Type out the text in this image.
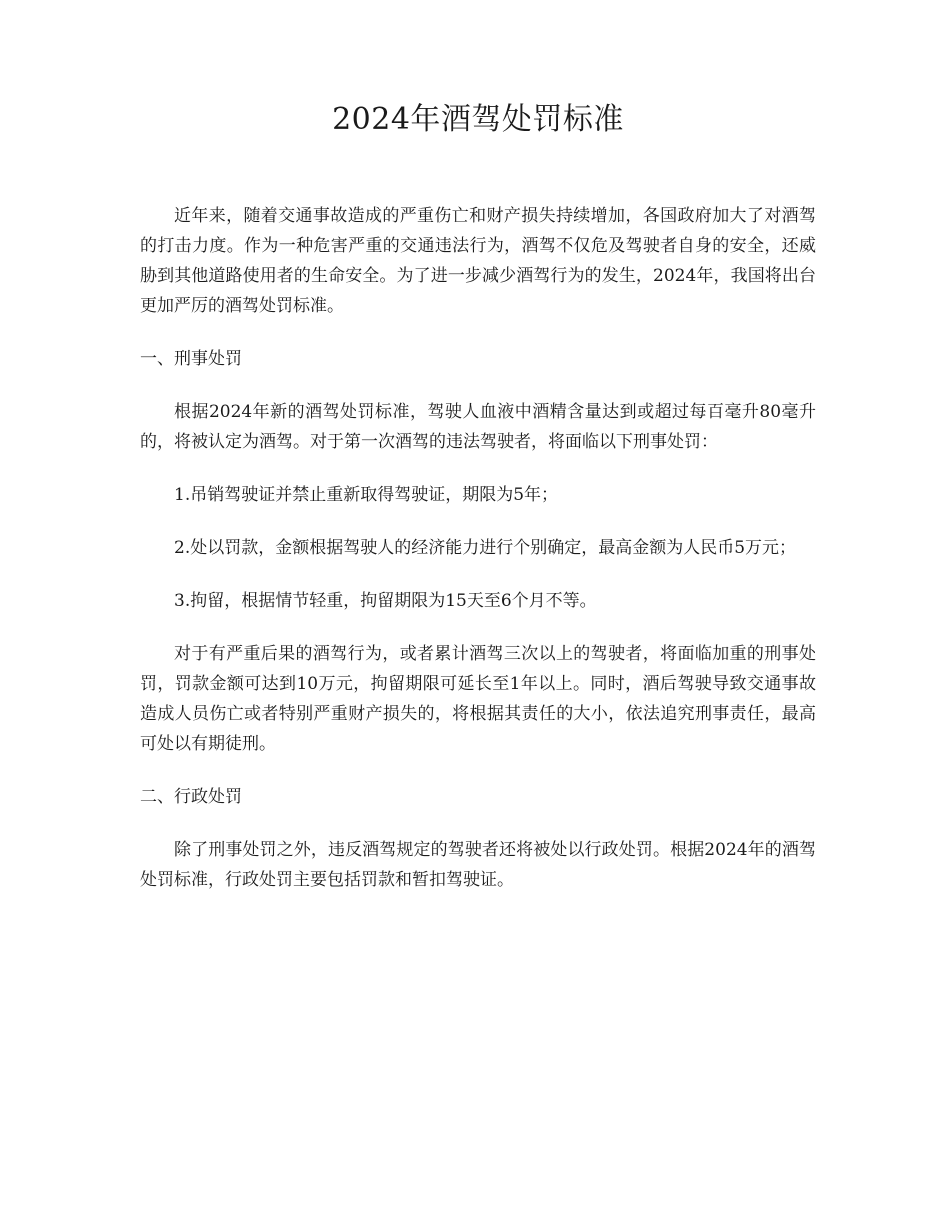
2024年酒驾处罚标准

近年来，随着交通事故造成的严重伤亡和财产损失持续增加，各国政府加大了对酒驾的打击力度。作为一种危害严重的交通违法行为，酒驾不仅危及驾驶者自身的安全，还威胁到其他道路使用者的生命安全。为了进一步减少酒驾行为的发生，2024年，我国将出台更加严厉的酒驾处罚标准。

一、刑事处罚

根据2024年新的酒驾处罚标准，驾驶人血液中酒精含量达到或超过每百毫升80毫升的，将被认定为酒驾。对于第一次酒驾的违法驾驶者，将面临以下刑事处罚：

1.吊销驾驶证并禁止重新取得驾驶证，期限为5年；

2.处以罚款，金额根据驾驶人的经济能力进行个别确定，最高金额为人民币5万元；

3.拘留，根据情节轻重，拘留期限为15天至6个月不等。

对于有严重后果的酒驾行为，或者累计酒驾三次以上的驾驶者，将面临加重的刑事处罚，罚款金额可达到10万元，拘留期限可延长至1年以上。同时，酒后驾驶导致交通事故造成人员伤亡或者特别严重财产损失的，将根据其责任的大小，依法追究刑事责任，最高可处以有期徒刑。

二、行政处罚

除了刑事处罚之外，违反酒驾规定的驾驶者还将被处以行政处罚。根据2024年的酒驾处罚标准，行政处罚主要包括罚款和暂扣驾驶证。
